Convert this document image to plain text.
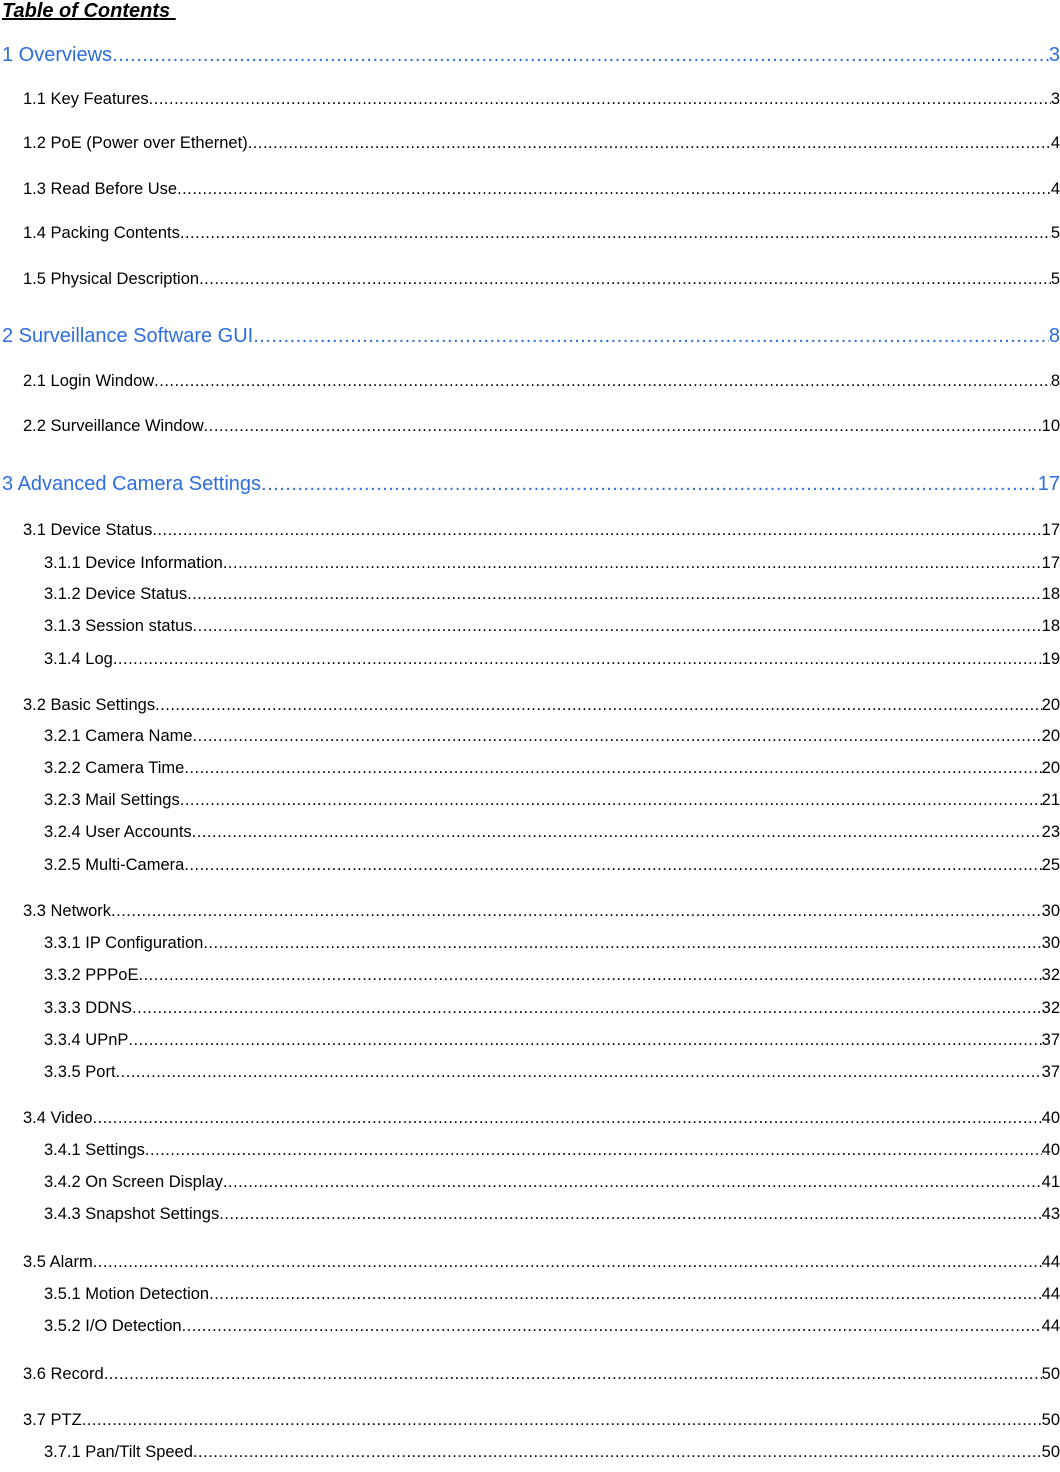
Table of Contents
1 Overviews .....	3
1.1 Key Features .....	3
1.2 PoE (Power over Ethernet) .....	4
1.3 Read Before Use .....	4
1.4 Packing Contents .....	5
1.5 Physical Description .....	5
2 Surveillance Software GUI .....	8
2.1 Login Window .....	8
2.2 Surveillance Window .....	10
3 Advanced Camera Settings .....	17
3.1 Device Status .....	17
3.1.1 Device Information .....	17
3.1.2 Device Status .....	18
3.1.3 Session status .....	18
3.1.4 Log .....	19
3.2 Basic Settings .....	20
3.2.1 Camera Name .....	20
3.2.2 Camera Time .....	20
3.2.3 Mail Settings .....	21
3.2.4 User Accounts .....	23
3.2.5 Multi-Camera .....	25
3.3 Network .....	30
3.3.1 IP Configuration .....	30
3.3.2 PPPoE .....	32
3.3.3 DDNS .....	32
3.3.4 UPnP .....	37
3.3.5 Port .....	37
3.4 Video .....	40
3.4.1 Settings .....	40
3.4.2 On Screen Display .....	41
3.4.3 Snapshot Settings .....	43
3.5 Alarm .....	44
3.5.1 Motion Detection .....	44
3.5.2 I/O Detection .....	44
3.6 Record .....	50
3.7 PTZ .....	50
3.7.1 Pan/Tilt Speed .....	50
